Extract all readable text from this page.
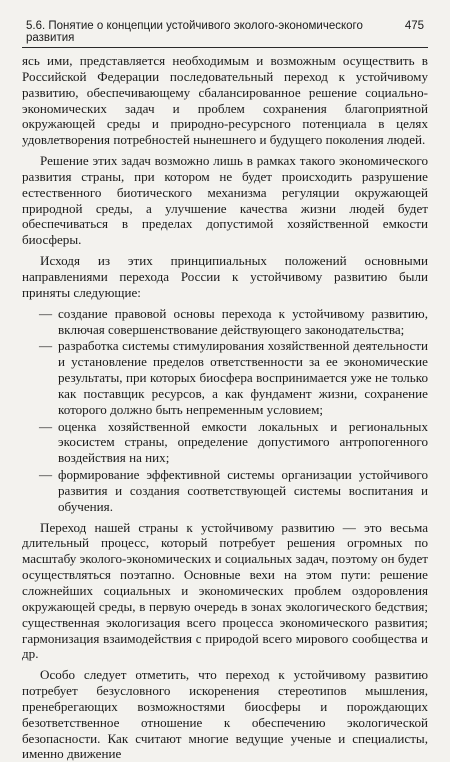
5.6. Понятие о концепции устойчивого эколого-экономического развития
475

ясь ими, представляется необходимым и возможным осуществить в Российской Федерации последовательный переход к устойчивому развитию, обеспечивающему сбалансированное решение социально-экономических задач и проблем сохранения благоприятной окружающей среды и природно-ресурсного потенциала в целях удовлетворения потребностей нынешнего и будущего поколения людей.

Решение этих задач возможно лишь в рамках такого экономического развития страны, при котором не будет происходить разрушение естественного биотического механизма регуляции окружающей природной среды, а улучшение качества жизни людей будет обеспечиваться в пределах допустимой хозяйственной емкости биосферы.

Исходя из этих принципиальных положений основными направлениями перехода России к устойчивому развитию были приняты следующие:

— создание правовой основы перехода к устойчивому развитию, включая совершенствование действующего законодательства;
— разработка системы стимулирования хозяйственной деятельности и установление пределов ответственности за ее экономические результаты, при которых биосфера воспринимается уже не только как поставщик ресурсов, а как фундамент жизни, сохранение которого должно быть непременным условием;
— оценка хозяйственной емкости локальных и региональных экосистем страны, определение допустимого антропогенного воздействия на них;
— формирование эффективной системы организации устойчивого развития и создания соответствующей системы воспитания и обучения.

Переход нашей страны к устойчивому развитию — это весьма длительный процесс, который потребует решения огромных по масштабу эколого-экономических и социальных задач, поэтому он будет осуществляться поэтапно. Основные вехи на этом пути: решение сложнейших социальных и экономических проблем оздоровления окружающей среды, в первую очередь в зонах экологического бедствия; существенная экологизация всего процесса экономического развития; гармонизация взаимодействия с природой всего мирового сообщества и др.

Особо следует отметить, что переход к устойчивому развитию потребует безусловного искоренения стереотипов мышления, пренебрегающих возможностями биосферы и порождающих безответственное отношение к обеспечению экологической безопасности. Как считают многие ведущие ученые и специалисты, именно движение
